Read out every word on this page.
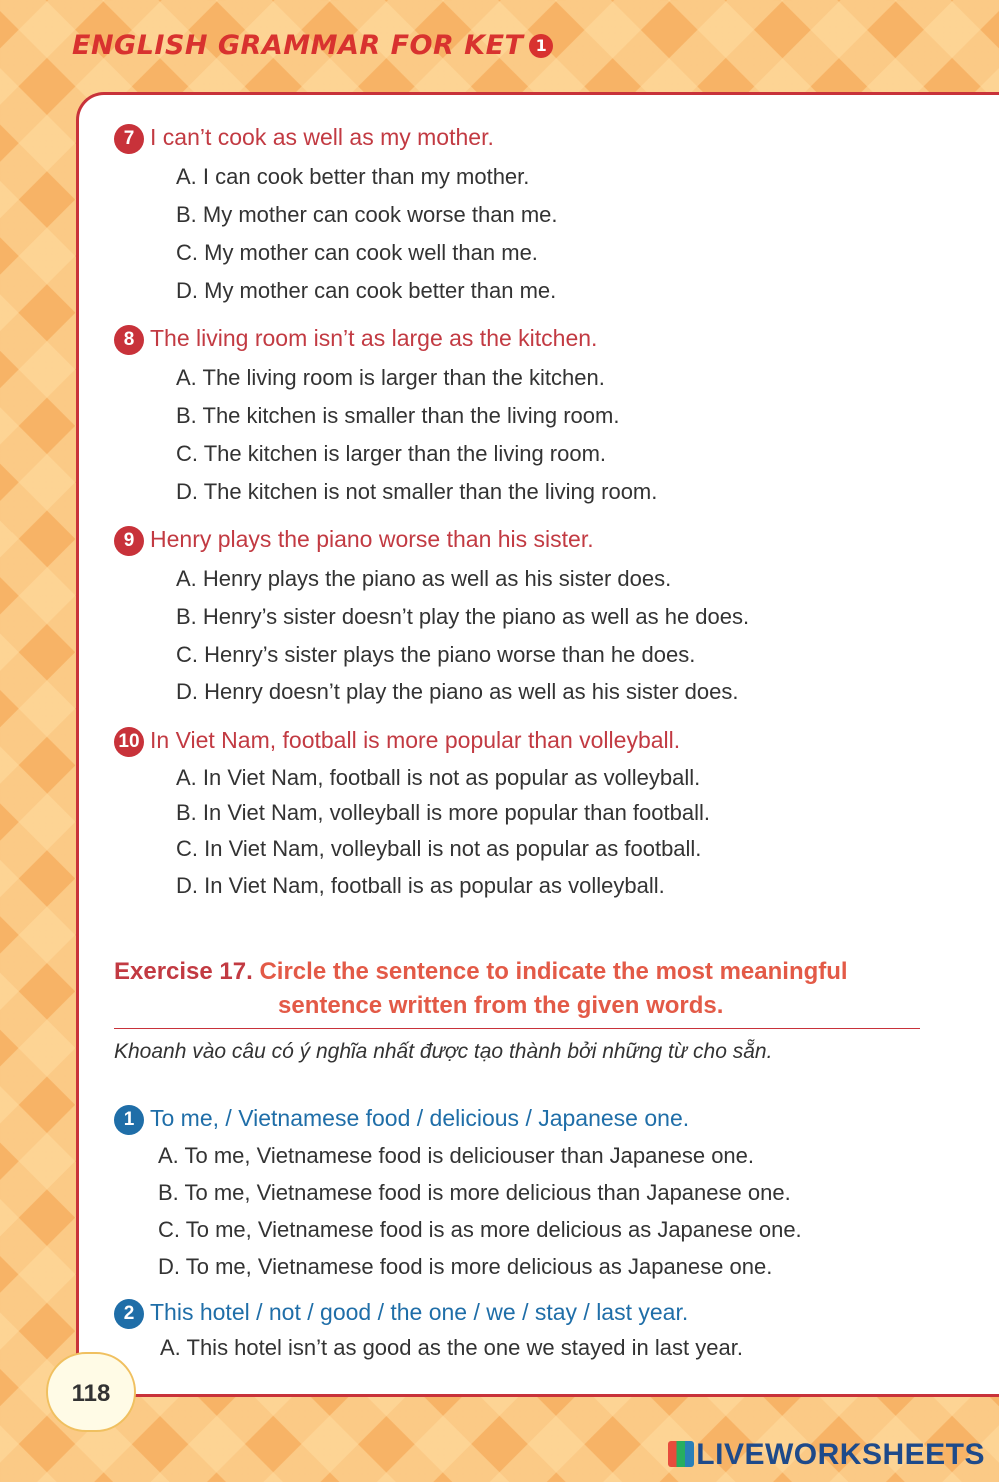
ENGLISH GRAMMAR FOR KET 1
7 I can’t cook as well as my mother.
A. I can cook better than my mother.
B. My mother can cook worse than me.
C. My mother can cook well than me.
D. My mother can cook better than me.
8 The living room isn’t as large as the kitchen.
A. The living room is larger than the kitchen.
B. The kitchen is smaller than the living room.
C. The kitchen is larger than the living room.
D. The kitchen is not smaller than the living room.
9 Henry plays the piano worse than his sister.
A. Henry plays the piano as well as his sister does.
B. Henry’s sister doesn’t play the piano as well as he does.
C. Henry’s sister plays the piano worse than he does.
D. Henry doesn’t play the piano as well as his sister does.
10 In Viet Nam, football is more popular than volleyball.
A. In Viet Nam, football is not as popular as volleyball.
B. In Viet Nam, volleyball is more popular than football.
C. In Viet Nam, volleyball is not as popular as football.
D. In Viet Nam, football is as popular as volleyball.
Exercise 17. Circle the sentence to indicate the most meaningful
sentence written from the given words.
Khoanh vào câu có ý nghĩa nhất được tạo thành bởi những từ cho sẵn.
1 To me, / Vietnamese food / delicious / Japanese one.
A. To me, Vietnamese food is deliciouser than Japanese one.
B. To me, Vietnamese food is more delicious than Japanese one.
C. To me, Vietnamese food is as more delicious as Japanese one.
D. To me, Vietnamese food is more delicious as Japanese one.
2 This hotel / not / good / the one / we / stay / last year.
A. This hotel isn’t as good as the one we stayed in last year.
118
LIVEWORKSHEETS
